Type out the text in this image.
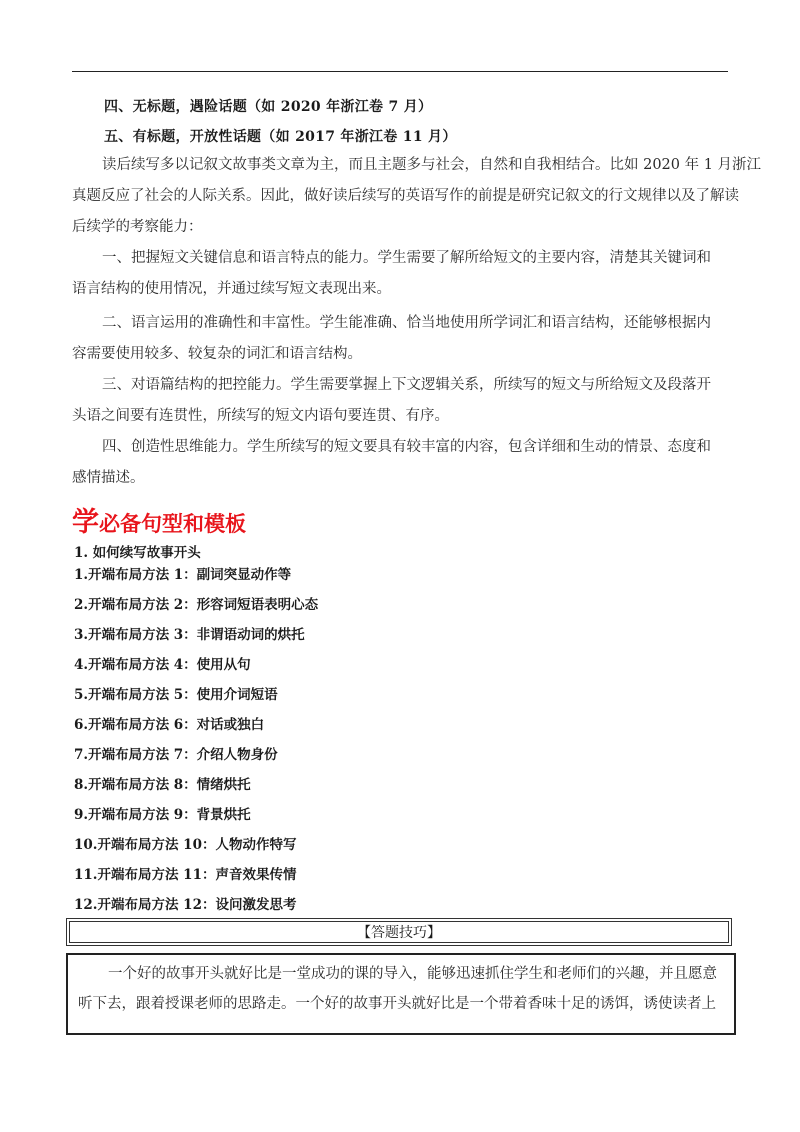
四、无标题，遇险话题（如 2020 年浙江卷 7 月）
五、有标题，开放性话题（如 2017 年浙江卷 11 月）

读后续写多以记叙文故事类文章为主，而且主题多与社会，自然和自我相结合。比如 2020 年 1 月浙江

真题反应了社会的人际关系。因此，做好读后续写的英语写作的前提是研究记叙文的行文规律以及了解读

后续学的考察能力：

一、把握短文关键信息和语言特点的能力。学生需要了解所给短文的主要内容，清楚其关键词和

语言结构的使用情况，并通过续写短文表现出来。

二、语言运用的准确性和丰富性。学生能准确、恰当地使用所学词汇和语言结构，还能够根据内

容需要使用较多、较复杂的词汇和语言结构。

三、对语篇结构的把控能力。学生需要掌握上下文逻辑关系，所续写的短文与所给短文及段落开

头语之间要有连贯性，所续写的短文内语句要连贯、有序。

四、创造性思维能力。学生所续写的短文要具有较丰富的内容，包含详细和生动的情景、态度和

感情描述。

学必备句型和模板
1. 如何续写故事开头
1.开端布局方法 1：副词突显动作等
2.开端布局方法 2：形容词短语表明心态
3.开端布局方法 3：非谓语动词的烘托
4.开端布局方法 4：使用从句
5.开端布局方法 5：使用介词短语
6.开端布局方法 6：对话或独白
7.开端布局方法 7：介绍人物身份
8.开端布局方法 8：情绪烘托
9.开端布局方法 9：背景烘托
10.开端布局方法 10：人物动作特写
11.开端布局方法 11：声音效果传情
12.开端布局方法 12：设问激发思考
【答题技巧】

一个好的故事开头就好比是一堂成功的课的导入，能够迅速抓住学生和老师们的兴趣，并且愿意

听下去，跟着授课老师的思路走。一个好的故事开头就好比是一个带着香味十足的诱饵，诱使读者上
